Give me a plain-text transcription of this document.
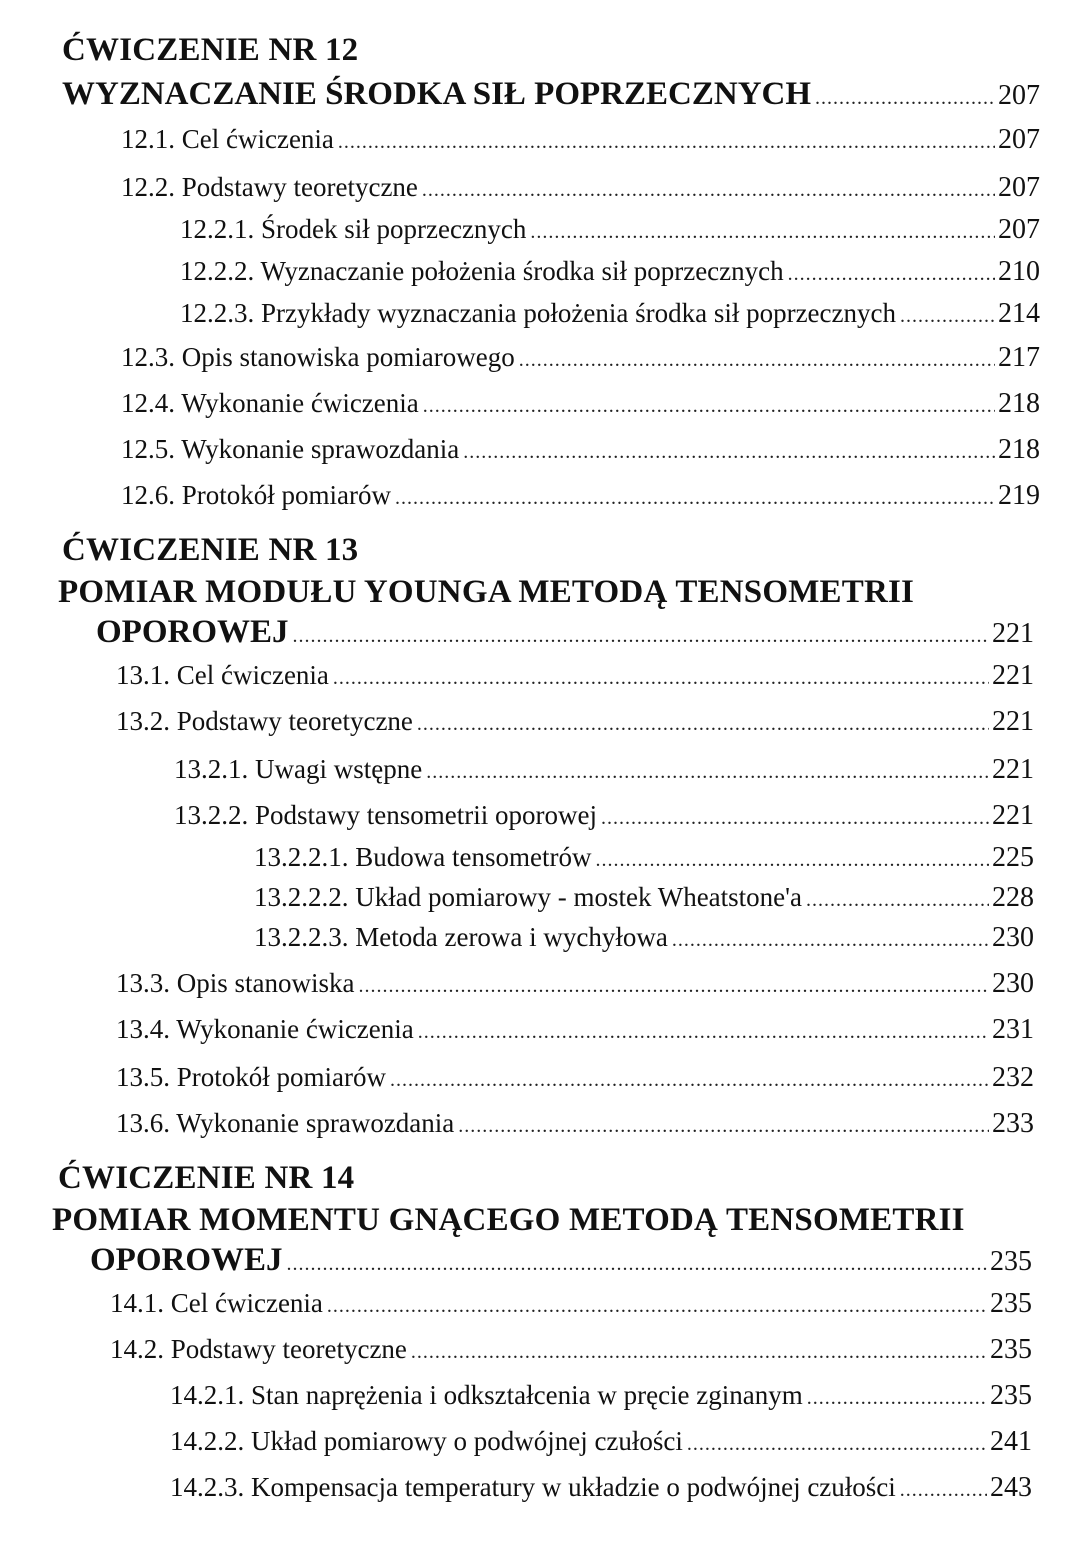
ĆWICZENIE NR 12
WYZNACZANIE ŚRODKA SIŁ POPRZECZNYCH .....	207
12.1. Cel ćwiczenia .....	207
12.2. Podstawy teoretyczne .....	207
12.2.1. Środek sił poprzecznych .....	207
12.2.2. Wyznaczanie położenia środka sił poprzecznych .....	210
12.2.3. Przykłady wyznaczania położenia środka sił poprzecznych .....	214
12.3. Opis stanowiska pomiarowego .....	217
12.4. Wykonanie ćwiczenia .....	218
12.5. Wykonanie sprawozdania .....	218
12.6. Protokół pomiarów .....	219
ĆWICZENIE NR 13
POMIAR MODUŁU YOUNGA METODĄ TENSOMETRII
OPOROWEJ .....	221
13.1. Cel ćwiczenia .....	221
13.2. Podstawy teoretyczne .....	221
13.2.1. Uwagi wstępne .....	221
13.2.2. Podstawy tensometrii oporowej .....	221
13.2.2.1. Budowa tensometrów .....	225
13.2.2.2. Układ pomiarowy - mostek Wheatstone'a .....	228
13.2.2.3. Metoda zerowa i wychyłowa .....	230
13.3. Opis stanowiska .....	230
13.4. Wykonanie ćwiczenia .....	231
13.5. Protokół pomiarów .....	232
13.6. Wykonanie sprawozdania .....	233
ĆWICZENIE NR 14
POMIAR MOMENTU GNĄCEGO METODĄ TENSOMETRII
OPOROWEJ .....	235
14.1. Cel ćwiczenia .....	235
14.2. Podstawy teoretyczne .....	235
14.2.1. Stan naprężenia i odkształcenia w pręcie zginanym .....	235
14.2.2. Układ pomiarowy o podwójnej czułości .....	241
14.2.3. Kompensacja temperatury w układzie o podwójnej czułości .....	243
